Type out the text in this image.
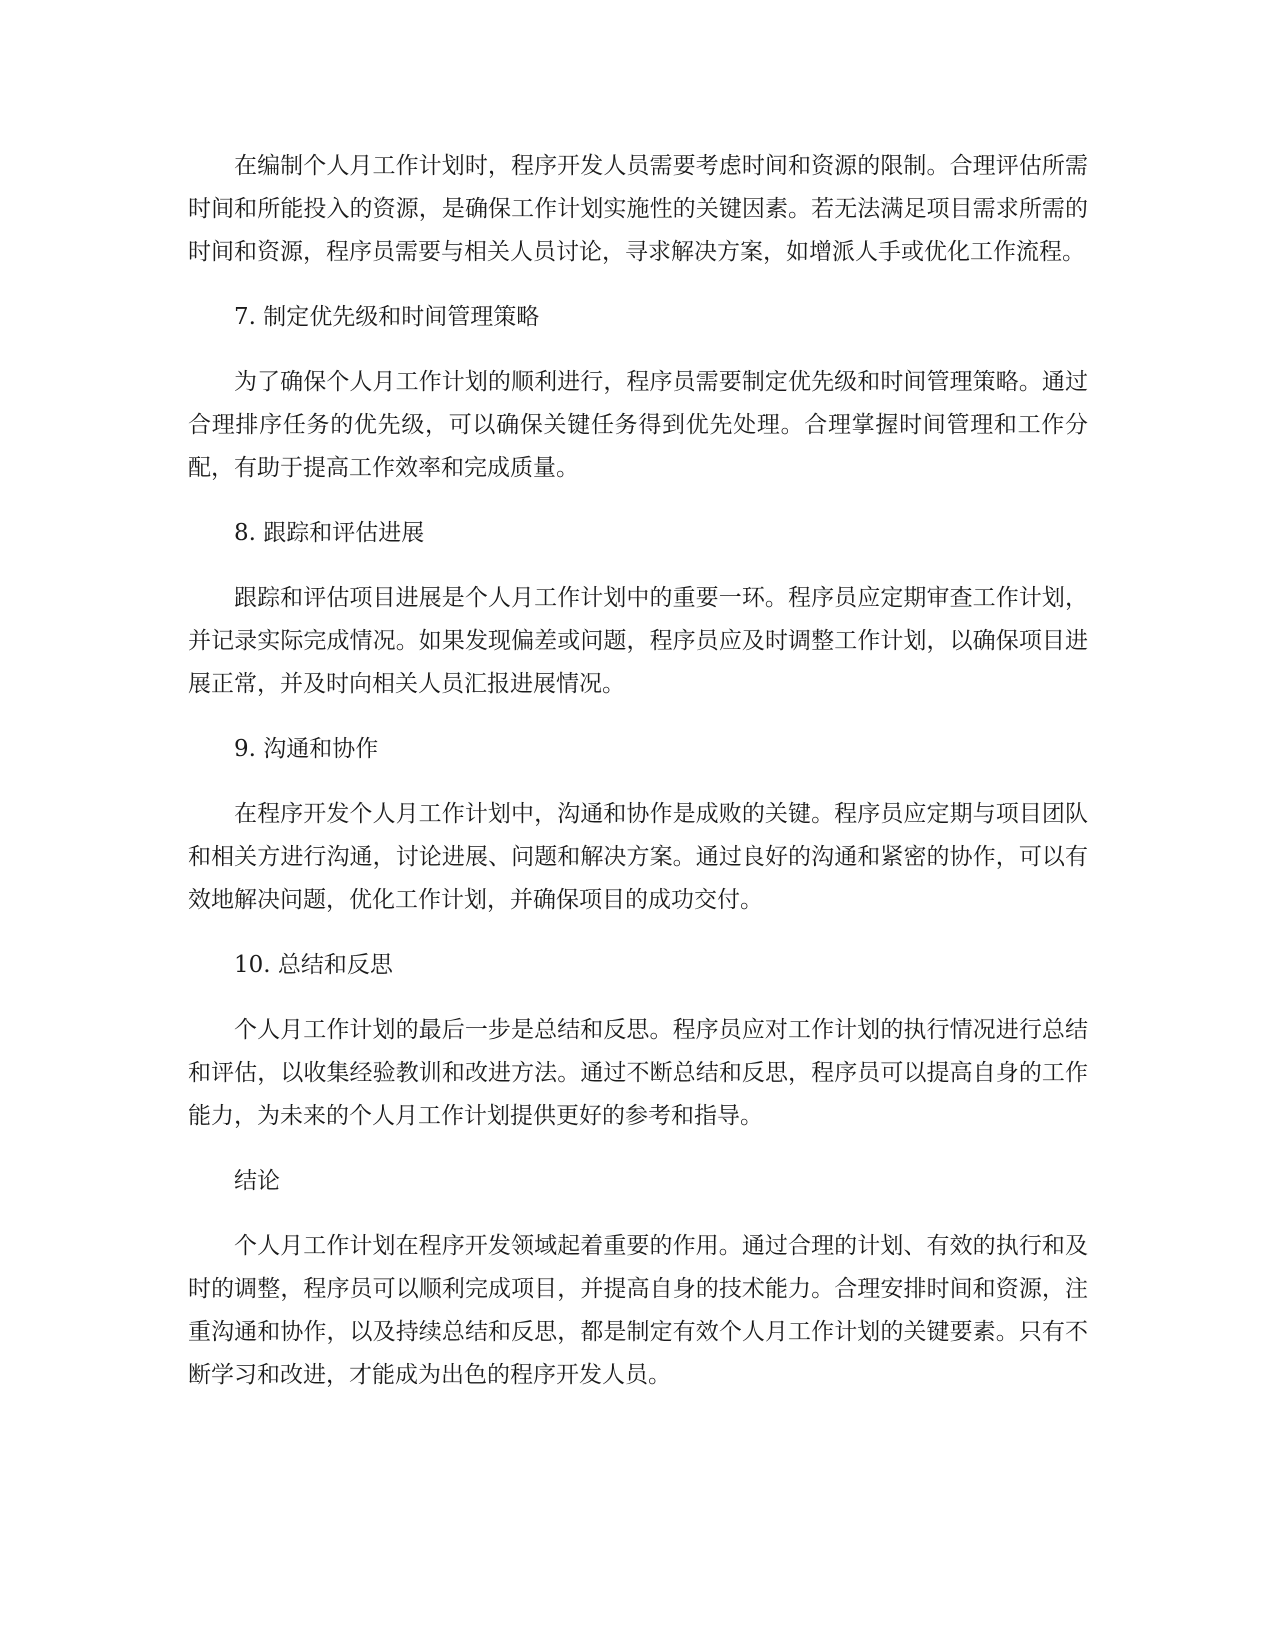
在编制个人月工作计划时，程序开发人员需要考虑时间和资源的限制。合理评估所需时间和所能投入的资源，是确保工作计划实施性的关键因素。若无法满足项目需求所需的时间和资源，程序员需要与相关人员讨论，寻求解决方案，如增派人手或优化工作流程。

7. 制定优先级和时间管理策略

为了确保个人月工作计划的顺利进行，程序员需要制定优先级和时间管理策略。通过合理排序任务的优先级，可以确保关键任务得到优先处理。合理掌握时间管理和工作分配，有助于提高工作效率和完成质量。

8. 跟踪和评估进展

跟踪和评估项目进展是个人月工作计划中的重要一环。程序员应定期审查工作计划，并记录实际完成情况。如果发现偏差或问题，程序员应及时调整工作计划，以确保项目进展正常，并及时向相关人员汇报进展情况。

9. 沟通和协作

在程序开发个人月工作计划中，沟通和协作是成败的关键。程序员应定期与项目团队和相关方进行沟通，讨论进展、问题和解决方案。通过良好的沟通和紧密的协作，可以有效地解决问题，优化工作计划，并确保项目的成功交付。

10. 总结和反思

个人月工作计划的最后一步是总结和反思。程序员应对工作计划的执行情况进行总结和评估，以收集经验教训和改进方法。通过不断总结和反思，程序员可以提高自身的工作能力，为未来的个人月工作计划提供更好的参考和指导。

结论

个人月工作计划在程序开发领域起着重要的作用。通过合理的计划、有效的执行和及时的调整，程序员可以顺利完成项目，并提高自身的技术能力。合理安排时间和资源，注重沟通和协作，以及持续总结和反思，都是制定有效个人月工作计划的关键要素。只有不断学习和改进，才能成为出色的程序开发人员。
